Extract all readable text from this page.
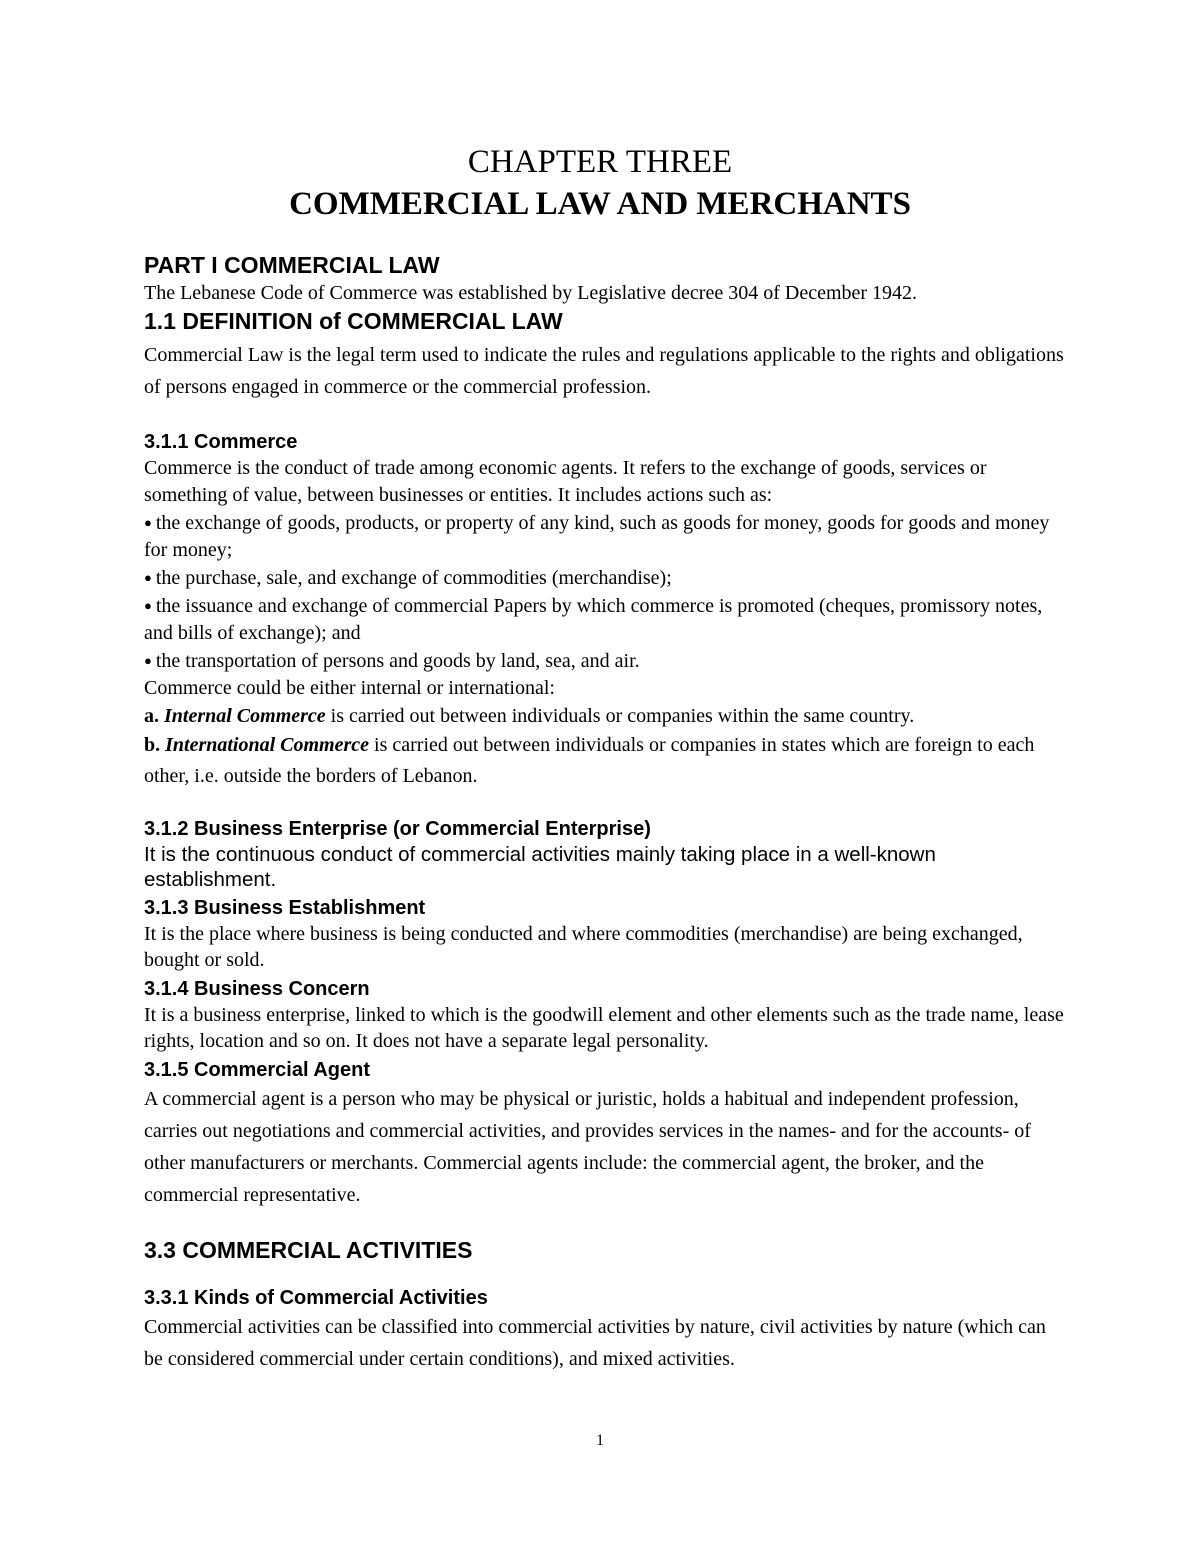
CHAPTER THREE
COMMERCIAL LAW AND MERCHANTS
PART I COMMERCIAL LAW

The Lebanese Code of Commerce was established by Legislative decree 304 of December 1942.

1.1 DEFINITION of COMMERCIAL LAW

Commercial Law is the legal term used to indicate the rules and regulations applicable to the rights and obligations of persons engaged in commerce or the commercial profession.

3.1.1 Commerce

Commerce is the conduct of trade among economic agents. It refers to the exchange of goods, services or something of value, between businesses or entities. It includes actions such as:

● the exchange of goods, products, or property of any kind, such as goods for money, goods for goods and money for money;
● the purchase, sale, and exchange of commodities (merchandise);
● the issuance and exchange of commercial Papers by which commerce is promoted (cheques, promissory notes, and bills of exchange); and
● the transportation of persons and goods by land, sea, and air.

Commerce could be either internal or international:

a. Internal Commerce is carried out between individuals or companies within the same country.

b. International Commerce is carried out between individuals or companies in states which are foreign to each other, i.e. outside the borders of Lebanon.

3.1.2 Business Enterprise (or Commercial Enterprise)

It is the continuous conduct of commercial activities mainly taking place in a well-known establishment.

3.1.3 Business Establishment

It is the place where business is being conducted and where commodities (merchandise) are being exchanged, bought or sold.

3.1.4 Business Concern

It is a business enterprise, linked to which is the goodwill element and other elements such as the trade name, lease rights, location and so on. It does not have a separate legal personality.

3.1.5 Commercial Agent

A commercial agent is a person who may be physical or juristic, holds a habitual and independent profession, carries out negotiations and commercial activities, and provides services in the names- and for the accounts- of other manufacturers or merchants. Commercial agents include: the commercial agent, the broker, and the commercial representative.

3.3 COMMERCIAL ACTIVITIES
3.3.1 Kinds of Commercial Activities

Commercial activities can be classified into commercial activities by nature, civil activities by nature (which can be considered commercial under certain conditions), and mixed activities.

1
